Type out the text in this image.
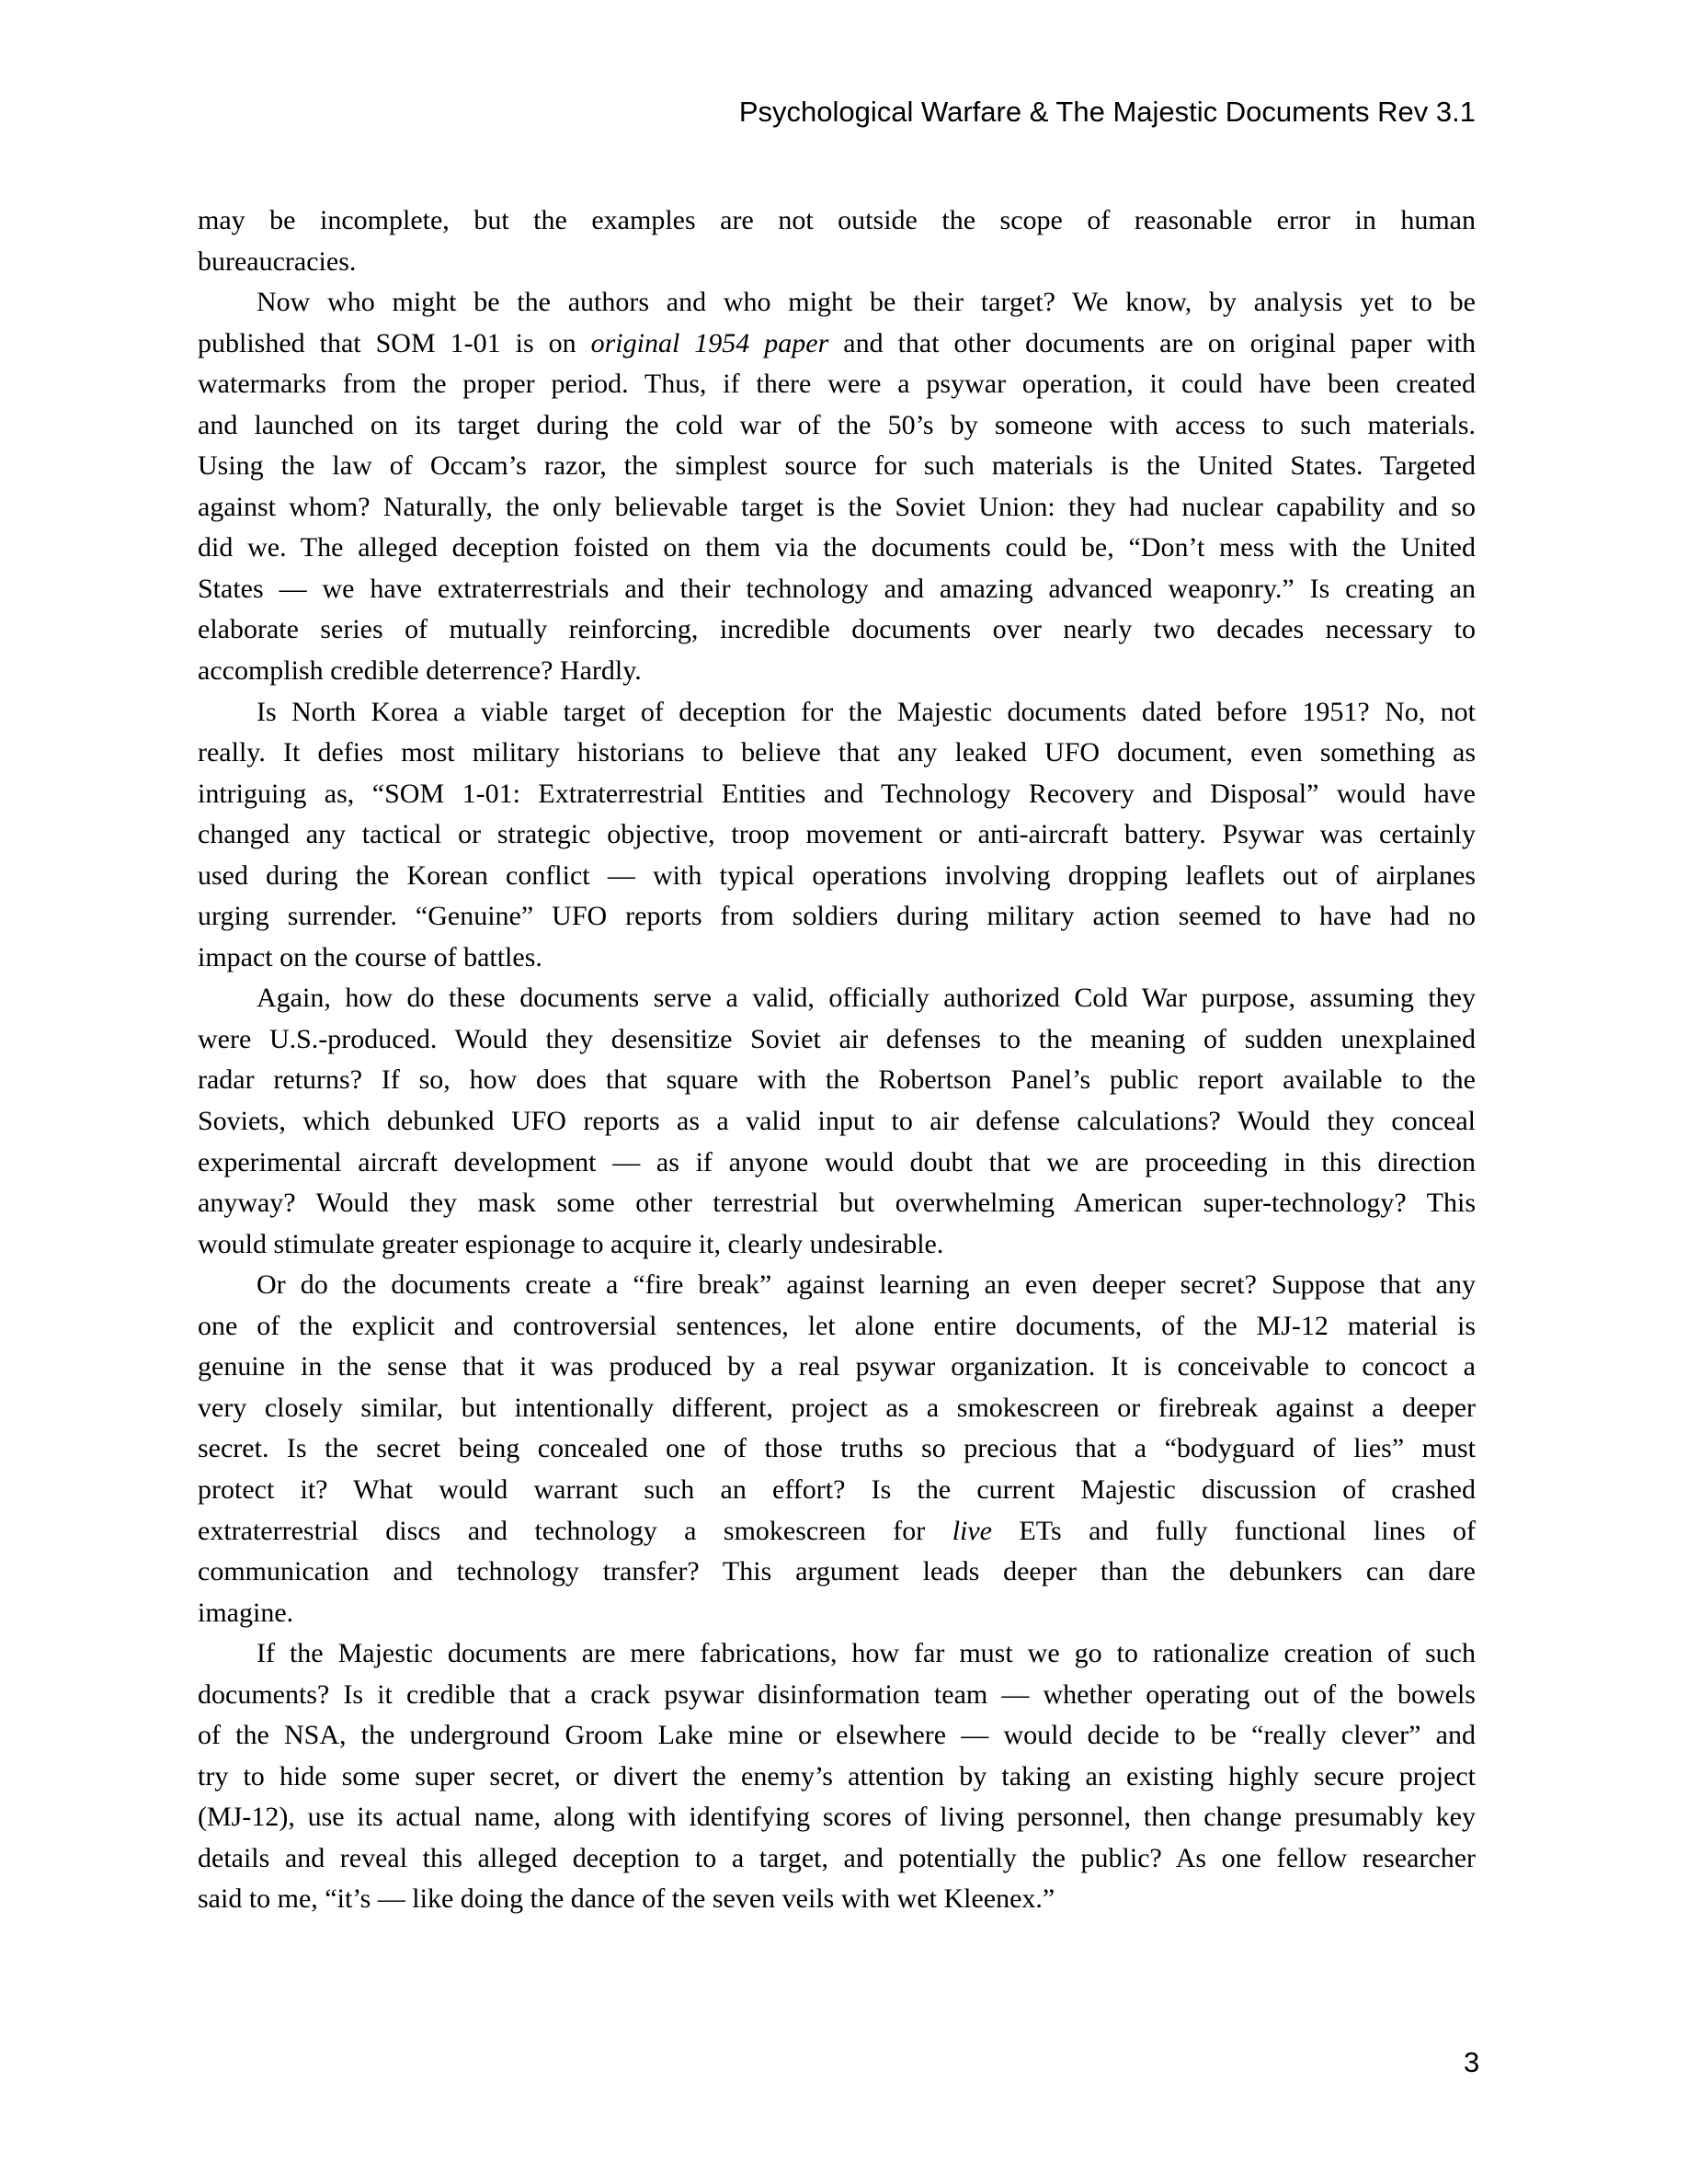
Psychological Warfare & The Majestic Documents Rev 3.1
may be incomplete, but the examples are not outside the scope of reasonable error in human
bureaucracies.
Now who might be the authors and who might be their target? We know, by analysis yet to be
published that SOM 1-01 is on original 1954 paper and that other documents are on original paper with
watermarks from the proper period. Thus, if there were a psywar operation, it could have been created
and launched on its target during the cold war of the 50’s by someone with access to such materials.
Using the law of Occam’s razor, the simplest source for such materials is the United States. Targeted
against whom? Naturally, the only believable target is the Soviet Union: they had nuclear capability and so
did we. The alleged deception foisted on them via the documents could be, “Don’t mess with the United
States — we have extraterrestrials and their technology and amazing advanced weaponry.” Is creating an
elaborate series of mutually reinforcing, incredible documents over nearly two decades necessary to
accomplish credible deterrence? Hardly.
Is North Korea a viable target of deception for the Majestic documents dated before 1951? No, not
really. It defies most military historians to believe that any leaked UFO document, even something as
intriguing as, “SOM 1-01: Extraterrestrial Entities and Technology Recovery and Disposal” would have
changed any tactical or strategic objective, troop movement or anti-aircraft battery. Psywar was certainly
used during the Korean conflict — with typical operations involving dropping leaflets out of airplanes
urging surrender. “Genuine” UFO reports from soldiers during military action seemed to have had no
impact on the course of battles.
Again, how do these documents serve a valid, officially authorized Cold War purpose, assuming they
were U.S.-produced. Would they desensitize Soviet air defenses to the meaning of sudden unexplained
radar returns? If so, how does that square with the Robertson Panel’s public report available to the
Soviets, which debunked UFO reports as a valid input to air defense calculations? Would they conceal
experimental aircraft development — as if anyone would doubt that we are proceeding in this direction
anyway? Would they mask some other terrestrial but overwhelming American super-technology? This
would stimulate greater espionage to acquire it, clearly undesirable.
Or do the documents create a “fire break” against learning an even deeper secret? Suppose that any
one of the explicit and controversial sentences, let alone entire documents, of the MJ-12 material is
genuine in the sense that it was produced by a real psywar organization. It is conceivable to concoct a
very closely similar, but intentionally different, project as a smokescreen or firebreak against a deeper
secret. Is the secret being concealed one of those truths so precious that a “bodyguard of lies” must
protect it? What would warrant such an effort? Is the current Majestic discussion of crashed
extraterrestrial discs and technology a smokescreen for live ETs and fully functional lines of
communication and technology transfer? This argument leads deeper than the debunkers can dare
imagine.
If the Majestic documents are mere fabrications, how far must we go to rationalize creation of such
documents? Is it credible that a crack psywar disinformation team — whether operating out of the bowels
of the NSA, the underground Groom Lake mine or elsewhere — would decide to be “really clever” and
try to hide some super secret, or divert the enemy’s attention by taking an existing highly secure project
(MJ-12), use its actual name, along with identifying scores of living personnel, then change presumably key
details and reveal this alleged deception to a target, and potentially the public? As one fellow researcher
said to me, “it’s — like doing the dance of the seven veils with wet Kleenex.”
3
